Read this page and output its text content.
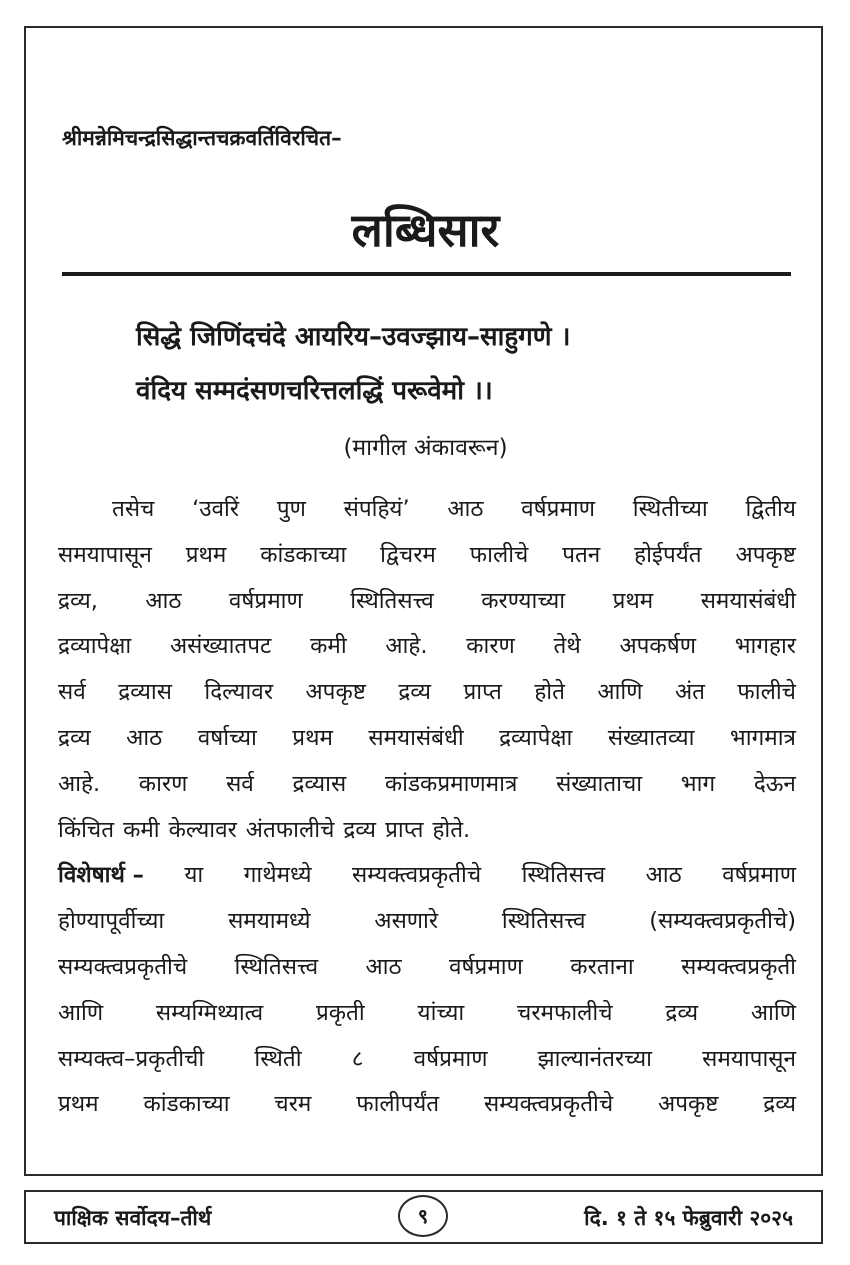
श्रीमन्नेमिचन्द्रसिद्धान्तचक्रवर्तिविरचित–
लब्धिसार
सिद्धे जिणिंदचंदे आयरिय–उवज्झाय–साहुगणे ।
वंदिय सम्मदंसणचरित्तलद्धिं परूवेमो ।।
(मागील अंकावरून)
तसेच ‘उवरिं पुण संपहियं’ आठ वर्षप्रमाण स्थितीच्या द्वितीय
समयापासून प्रथम कांडकाच्या द्विचरम फालीचे पतन होईपर्यंत अपकृष्ट
द्रव्य, आठ वर्षप्रमाण स्थितिसत्त्व करण्याच्या प्रथम समयासंबंधी
द्रव्यापेक्षा असंख्यातपट कमी आहे. कारण तेथे अपकर्षण भागहार
सर्व द्रव्यास दिल्यावर अपकृष्ट द्रव्य प्राप्त होते आणि अंत फालीचे
द्रव्य आठ वर्षाच्या प्रथम समयासंबंधी द्रव्यापेक्षा संख्यातव्या भागमात्र
आहे. कारण सर्व द्रव्यास कांडकप्रमाणमात्र संख्याताचा भाग देऊन
किंचित कमी केल्यावर अंतफालीचे द्रव्य प्राप्त होते.
विशेषार्थ – या गाथेमध्ये सम्यक्त्वप्रकृतीचे स्थितिसत्त्व आठ वर्षप्रमाण
होण्यापूर्वीच्या	समयामध्ये	असणारे	स्थितिसत्त्व	(सम्यक्त्वप्रकृतीचे)
सम्यक्त्वप्रकृतीचे स्थितिसत्त्व आठ वर्षप्रमाण करताना सम्यक्त्वप्रकृती
आणि सम्यग्मिथ्यात्व प्रकृती यांच्या चरमफालीचे द्रव्य आणि
सम्यक्त्व–प्रकृतीची स्थिती ८ वर्षप्रमाण झाल्यानंतरच्या समयापासून
प्रथम कांडकाच्या चरम फालीपर्यंत सम्यक्त्वप्रकृतीचे अपकृष्ट द्रव्य
पाक्षिक सर्वोदय–तीर्थ	९	दि. १ ते १५ फेब्रुवारी २०२५
